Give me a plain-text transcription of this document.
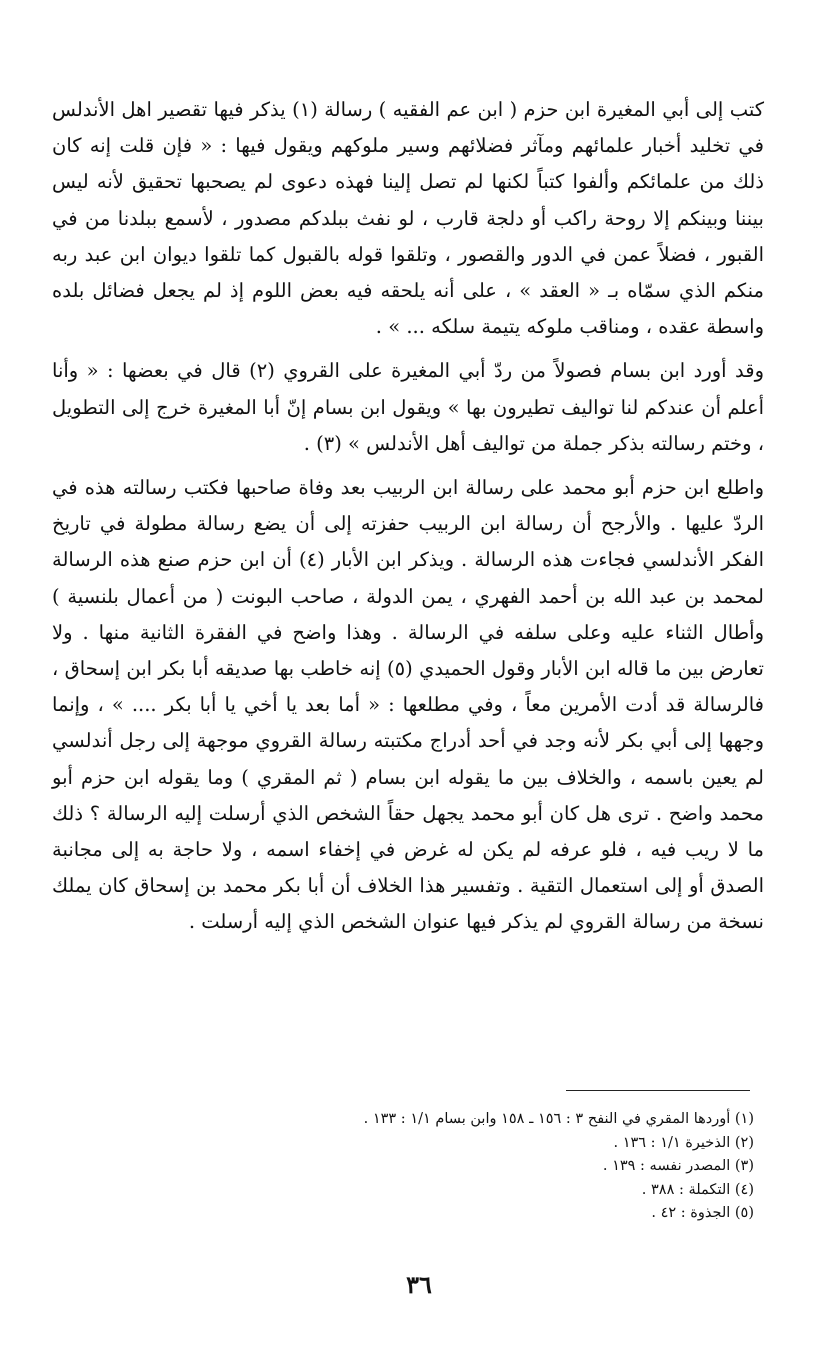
كتب إلى أبي المغيرة ابن حزم ( ابن عم الفقيه ) رسالة (١) يذكر فيها تقصير اهل الأندلس في تخليد أخبار علمائهم ومآثر فضلائهم وسير ملوكهم ويقول فيها : « فإن قلت إنه كان ذلك من علمائكم وألفوا كتباً لكنها لم تصل إلينا فهذه دعوى لم يصحبها تحقيق لأنه ليس بيننا وبينكم إلا روحة راكب أو دلجة قارب ، لو نفث ببلدكم مصدور ، لأسمع ببلدنا من في القبور ، فضلاً عمن في الدور والقصور ، وتلقوا قوله بالقبول كما تلقوا ديوان ابن عبد ربه منكم الذي سمّاه بـ « العقد » ، على أنه يلحقه فيه بعض اللوم إذ لم يجعل فضائل بلده واسطة عقده ، ومناقب ملوكه يتيمة سلكه ... » .

وقد أورد ابن بسام فصولاً من ردّ أبي المغيرة على القروي (٢) قال في بعضها : « وأنا أعلم أن عندكم لنا تواليف تطيرون بها » ويقول ابن بسام إنّ أبا المغيرة خرج إلى التطويل ، وختم رسالته بذكر جملة من تواليف أهل الأندلس » (٣) .

واطلع ابن حزم أبو محمد على رسالة ابن الربيب بعد وفاة صاحبها فكتب رسالته هذه في الردّ عليها . والأرجح أن رسالة ابن الربيب حفزته إلى أن يضع رسالة مطولة في تاريخ الفكر الأندلسي فجاءت هذه الرسالة . ويذكر ابن الأبار (٤) أن ابن حزم صنع هذه الرسالة لمحمد بن عبد الله بن أحمد الفهري ، يمن الدولة ، صاحب البونت ( من أعمال بلنسية ) وأطال الثناء عليه وعلى سلفه في الرسالة . وهذا واضح في الفقرة الثانية منها . ولا تعارض بين ما قاله ابن الأبار وقول الحميدي (٥) إنه خاطب بها صديقه أبا بكر ابن إسحاق ، فالرسالة قد أدت الأمرين معاً ، وفي مطلعها : « أما بعد يا أخي يا أبا بكر .... » ، وإنما وجهها إلى أبي بكر لأنه وجد في أحد أدراج مكتبته رسالة القروي موجهة إلى رجل أندلسي لم يعين باسمه ، والخلاف بين ما يقوله ابن بسام ( ثم المقري ) وما يقوله ابن حزم أبو محمد واضح . ترى هل كان أبو محمد يجهل حقاً الشخص الذي أرسلت إليه الرسالة ؟ ذلك ما لا ريب فيه ، فلو عرفه لم يكن له غرض في إخفاء اسمه ، ولا حاجة به إلى مجانبة الصدق أو إلى استعمال التقية . وتفسير هذا الخلاف أن أبا بكر محمد بن إسحاق كان يملك نسخة من رسالة القروي لم يذكر فيها عنوان الشخص الذي إليه أرسلت .

(١) أوردها المقري في النفح ٣ : ١٥٦ ـ ١٥٨ وابن بسام ١/١ : ١٣٣ .
(٢) الذخيرة ١/١ : ١٣٦ .
(٣) المصدر نفسه : ١٣٩ .
(٤) التكملة : ٣٨٨ .
(٥) الجذوة : ٤٢ .
٣٦
